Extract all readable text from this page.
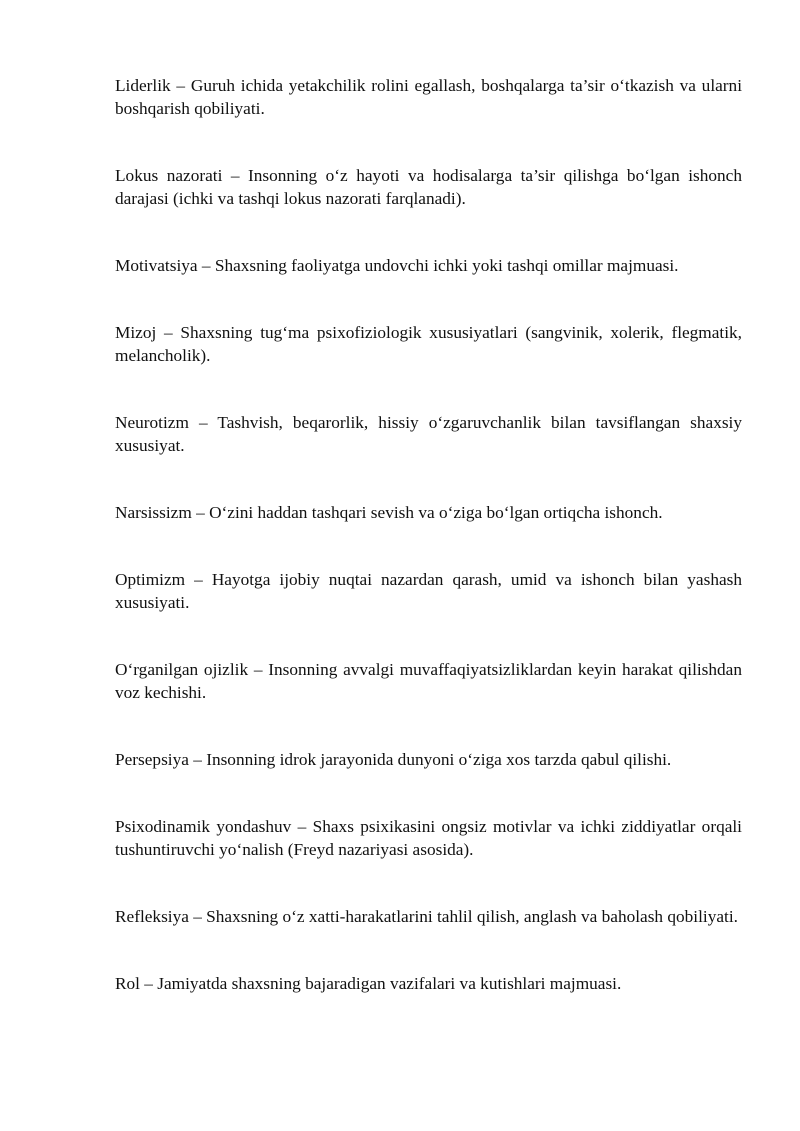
Liderlik – Guruh ichida yetakchilik rolini egallash, boshqalarga ta’sir o‘tkazish va ularni boshqarish qobiliyati.

Lokus nazorati – Insonning o‘z hayoti va hodisalarga ta’sir qilishga bo‘lgan ishonch darajasi (ichki va tashqi lokus nazorati farqlanadi).

Motivatsiya – Shaxsning faoliyatga undovchi ichki yoki tashqi omillar majmuasi.

Mizoj – Shaxsning tug‘ma psixofiziologik xususiyatlari (sangvinik, xolerik, flegmatik, melancholik).

Neurotizm – Tashvish, beqarorlik, hissiy o‘zgaruvchanlik bilan tavsiflangan shaxsiy xususiyat.

Narsissizm – O‘zini haddan tashqari sevish va o‘ziga bo‘lgan ortiqcha ishonch.

Optimizm – Hayotga ijobiy nuqtai nazardan qarash, umid va ishonch bilan yashash xususiyati.

O‘rganilgan ojizlik – Insonning avvalgi muvaffaqiyatsizliklardan keyin harakat qilishdan voz kechishi.

Persepsiya – Insonning idrok jarayonida dunyoni o‘ziga xos tarzda qabul qilishi.

Psixodinamik yondashuv – Shaxs psixikasini ongsiz motivlar va ichki ziddiyatlar orqali tushuntiruvchi yo‘nalish (Freyd nazariyasi asosida).

Refleksiya – Shaxsning o‘z xatti-harakatlarini tahlil qilish, anglash va baholash qobiliyati.

Rol – Jamiyatda shaxsning bajaradigan vazifalari va kutishlari majmuasi.
